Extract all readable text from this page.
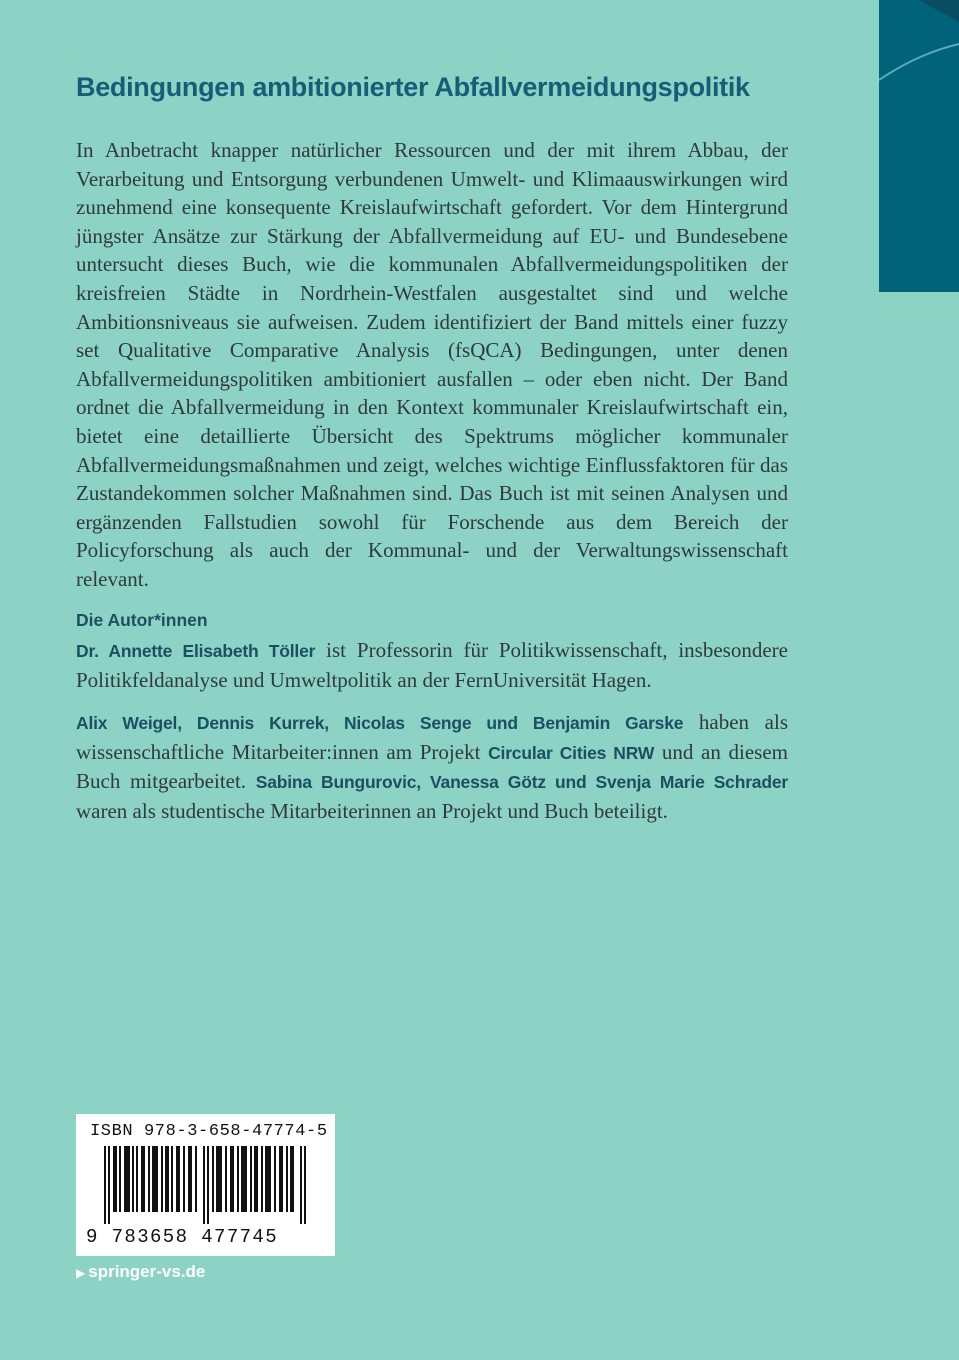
Bedingungen ambitionierter Abfallvermeidungspolitik
In Anbetracht knapper natürlicher Ressourcen und der mit ihrem Abbau, der Verarbeitung und Entsorgung verbundenen Umwelt- und Klimaauswirkungen wird zunehmend eine konsequente Kreislaufwirtschaft gefordert. Vor dem Hintergrund jüngster Ansätze zur Stärkung der Abfallvermeidung auf EU- und Bundesebene untersucht dieses Buch, wie die kommunalen Abfallvermeidungspolitiken der kreisfreien Städte in Nordrhein-Westfalen ausgestaltet sind und welche Ambitionsniveaus sie aufweisen. Zudem identifiziert der Band mittels einer fuzzy set Qualitative Comparative Analysis (fsQCA) Bedingungen, unter denen Abfallvermeidungspolitiken ambitioniert ausfallen – oder eben nicht. Der Band ordnet die Abfallvermeidung in den Kontext kommunaler Kreislaufwirtschaft ein, bietet eine detaillierte Übersicht des Spektrums möglicher kommunaler Abfallvermeidungsmaßnahmen und zeigt, welches wichtige Einflussfaktoren für das Zustandekommen solcher Maßnahmen sind. Das Buch ist mit seinen Analysen und ergänzenden Fallstudien sowohl für Forschende aus dem Bereich der Policyforschung als auch der Kommunal- und der Verwaltungswissenschaft relevant.
Die Autor*innen
Dr. Annette Elisabeth Töller ist Professorin für Politikwissenschaft, insbesondere Politikfeldanalyse und Umweltpolitik an der FernUniversität Hagen.
Alix Weigel, Dennis Kurrek, Nicolas Senge und Benjamin Garske haben als wissenschaftliche Mitarbeiter:innen am Projekt Circular Cities NRW und an diesem Buch mitgearbeitet. Sabina Bungurovic, Vanessa Götz und Svenja Marie Schrader waren als studentische Mitarbeiterinnen an Projekt und Buch beteiligt.
ISBN 978-3-658-47774-5
9 783658 477745
▶ springer-vs.de
